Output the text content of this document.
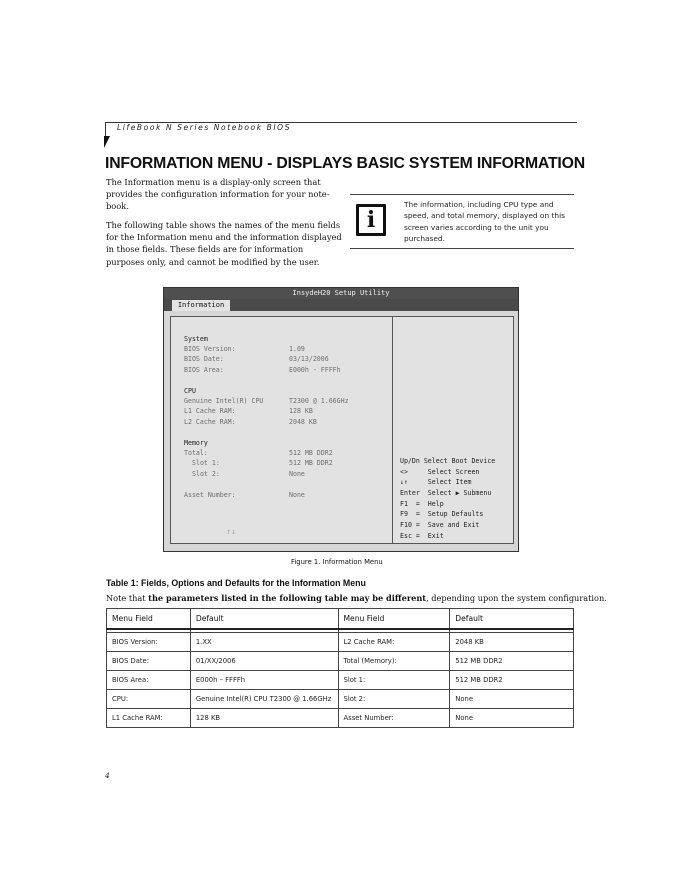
LifeBook N Series Notebook BIOS
INFORMATION MENU - DISPLAYS BASIC SYSTEM INFORMATION
The Information menu is a display-only screen that provides the configuration information for your note-book.
The following table shows the names of the menu fields for the Information menu and the information displayed in those fields. These fields are for information purposes only, and cannot be modified by the user.
i
The information, including CPU type and speed, and total memory, displayed on this screen varies according to the unit you purchased.
InsydeH20 Setup Utility
Information
System
BIOS Version:	1.09
BIOS Date:	03/13/2006
BIOS Area:	E000h - FFFFh
CPU
Genuine Intel(R) CPU	T2300 @ 1.66GHz
L1 Cache RAM:	128 KB
L2 Cache RAM:	2048 KB
Memory
Total:	512 MB DDR2
Slot 1:	512 MB DDR2
Slot 2:	None
Asset Number:	None
↑↓
Up/Dn Select Boot Device
<>     Select Screen
↓↑     Select Item
Enter  Select ▶ Submenu
F1  =  Help
F9  =  Setup Defaults
F10 =  Save and Exit
Esc =  Exit
Figure 1. Information Menu
Table 1: Fields, Options and Defaults for the Information Menu
Note that the parameters listed in the following table may be different, depending upon the system configuration.
Menu Field	Default	Menu Field	Default

BIOS Version:	1.XX	L2 Cache RAM:	2048 KB
BIOS Date:	01/XX/2006	Total (Memory):	512 MB DDR2
BIOS Area:	E000h – FFFFh	Slot 1:	512 MB DDR2
CPU:	Genuine Intel(R) CPU T2300 @ 1.66GHz	Slot 2:	None
L1 Cache RAM:	128 KB	Asset Number:	None
4
